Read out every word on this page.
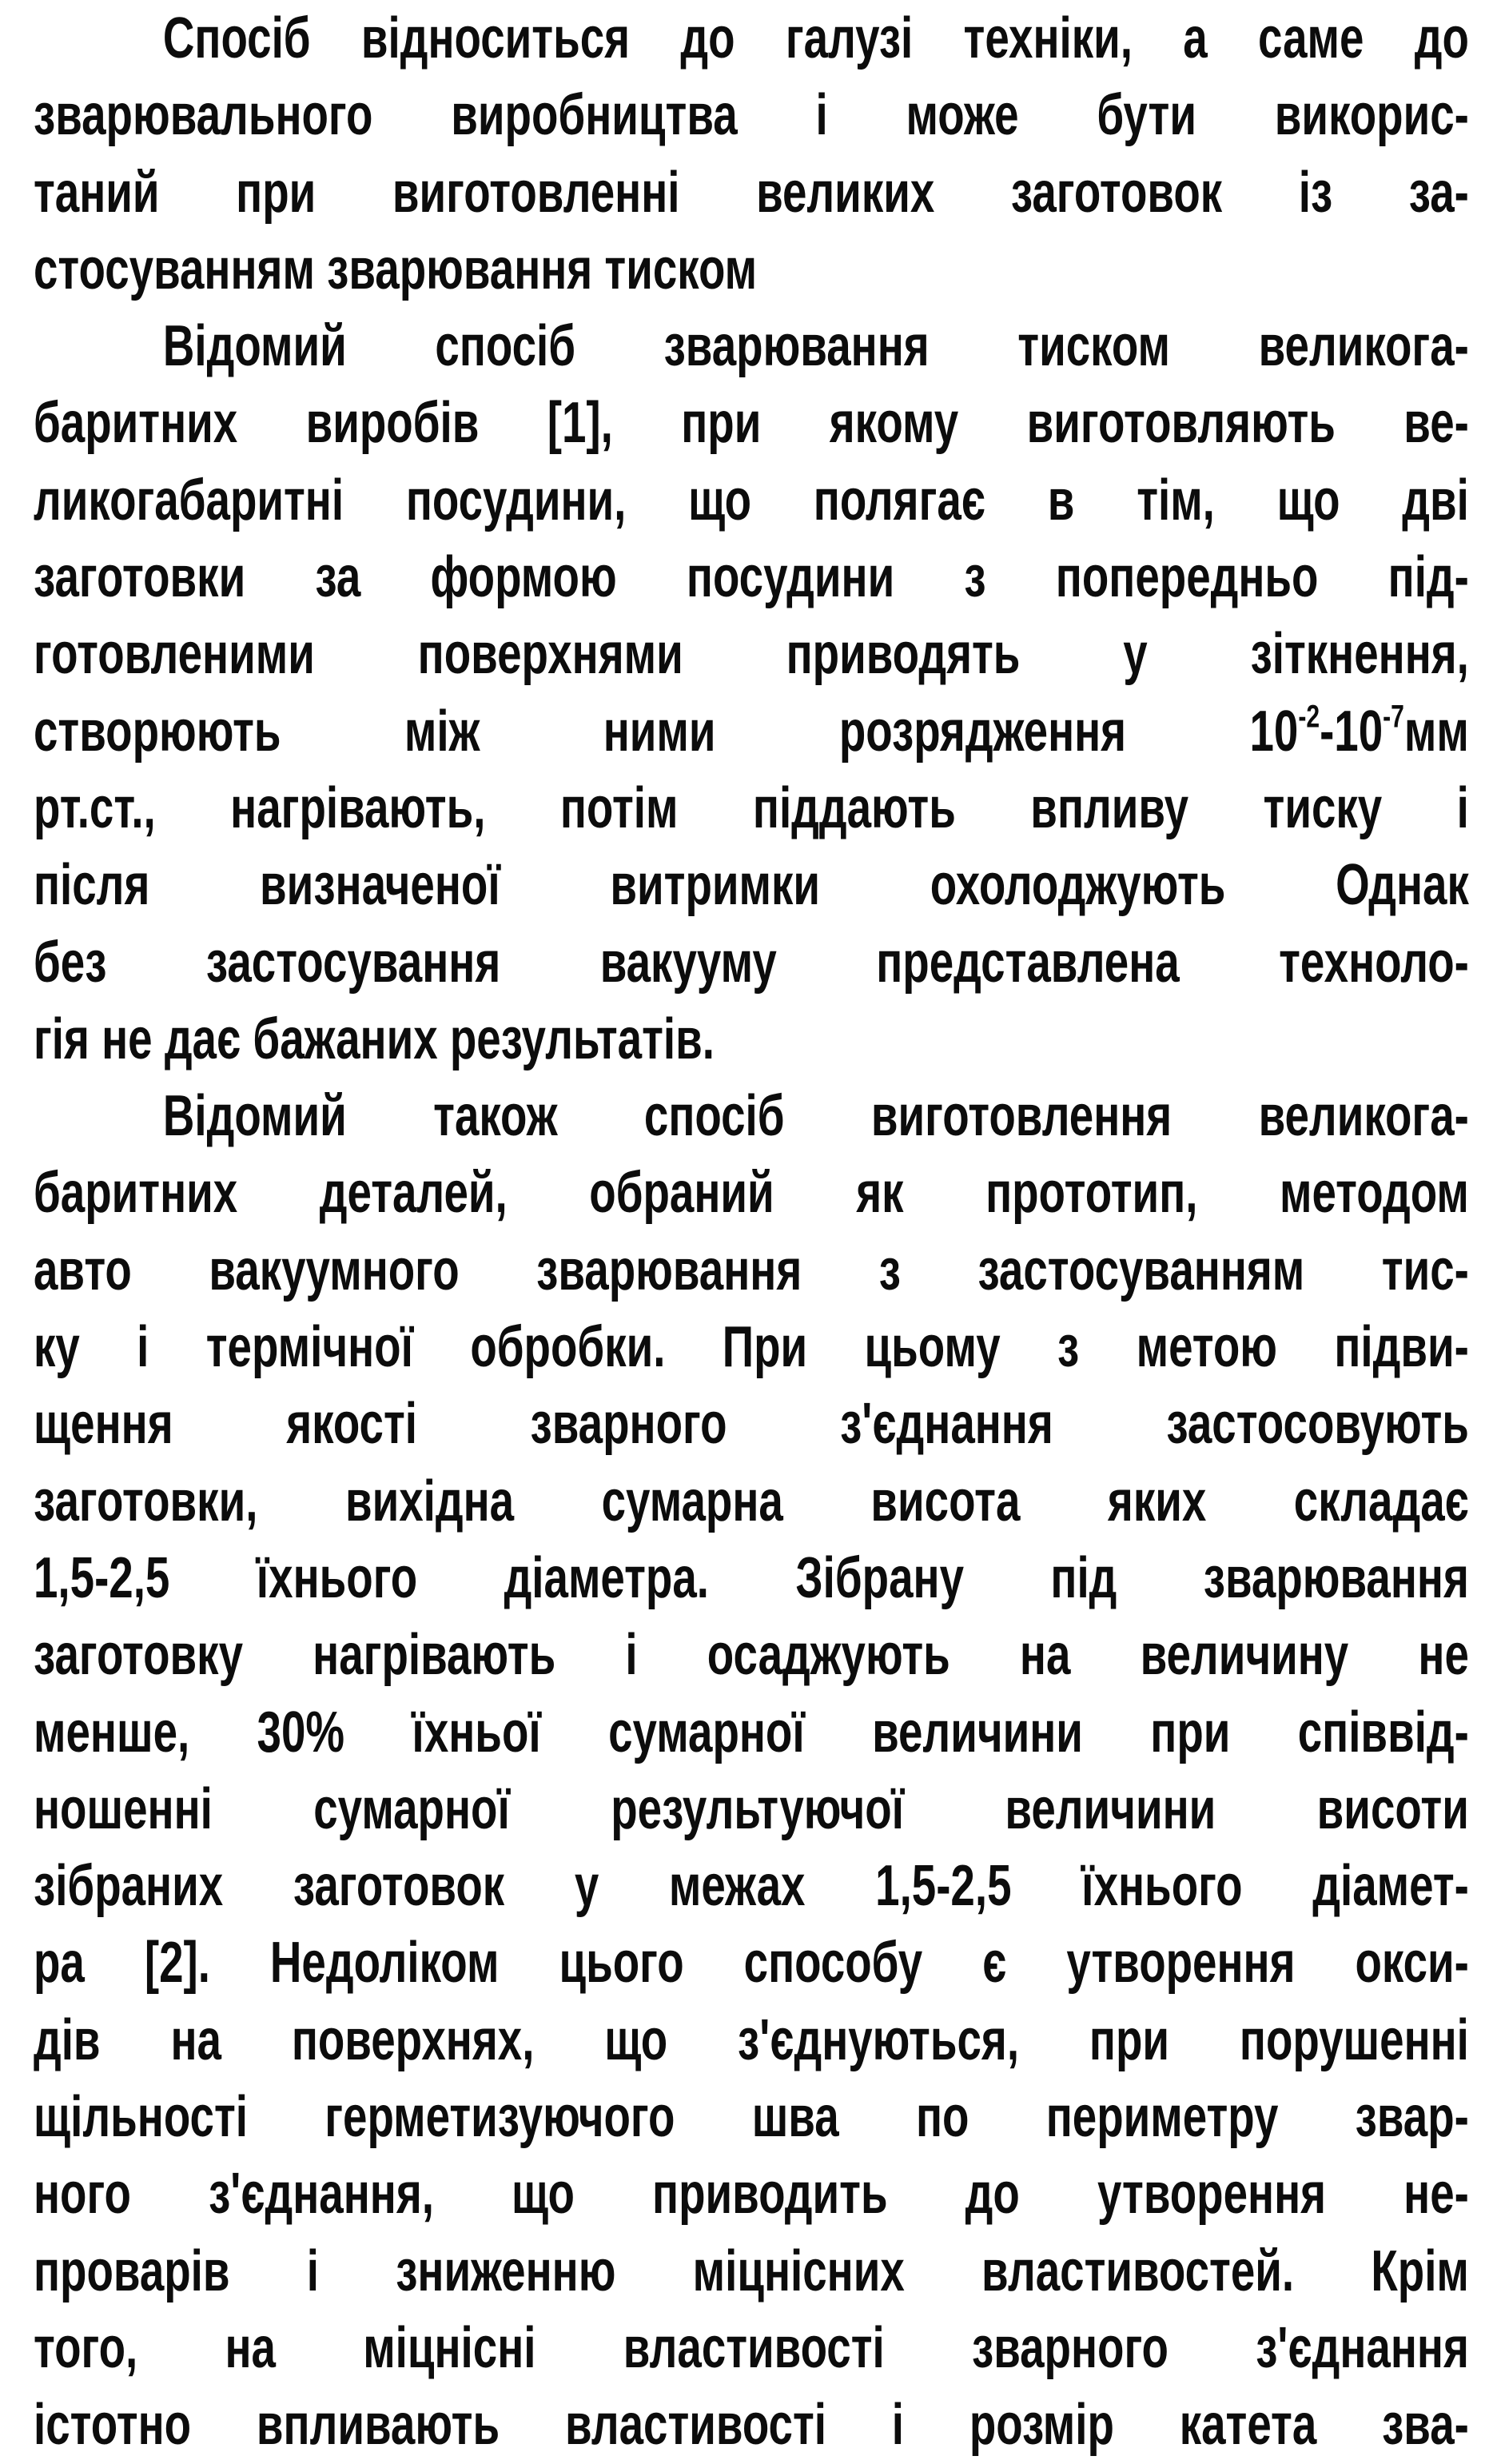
Спосіб відноситься до галузі техніки, а саме до
зварювального виробництва і може бути викорис-
таний при виготовленні великих заготовок із за-
стосуванням зварювання тиском
Відомий спосіб зварювання тиском великога-
баритних виробів [1], при якому виготовляють ве-
ликогабаритні посудини, що полягає в тім, що дві
заготовки за формою посудини з попередньо під-
готовленими поверхнями приводять у зіткнення,
створюють між ними розрядження $10^{-2}-10^{-7}мм$
рт.ст., нагрівають, потім піддають впливу тиску і
після визначеної витримки охолоджують Однак
без застосування вакууму представлена техноло-
гія не дає бажаних результатів.
Відомий також спосіб виготовлення великога-
баритних деталей, обраний як прототип, методом
авто вакуумного зварювання з застосуванням тис-
ку і термічної обробки. При цьому з метою підви-
щення якості зварного з'єднання застосовують
заготовки, вихідна сумарна висота яких складає
1,5-2,5 їхнього діаметра. Зібрану під зварювання
заготовку нагрівають і осаджують на величину не
менше, 30% їхньої сумарної величини при співвід-
ношенні сумарної результуючої величини висоти
зібраних заготовок у межах 1,5-2,5 їхнього діамет-
ра [2]. Недоліком цього способу є утворення окси-
дів на поверхнях, що з'єднуються, при порушенні
щільності герметизуючого шва по периметру звар-
ного з'єднання, що приводить до утворення не-
проварів і зниженню міцнісних властивостей. Крім
того, на міцнісні властивості зварного з'єднання
істотно впливають властивості і розмір катета зва-
